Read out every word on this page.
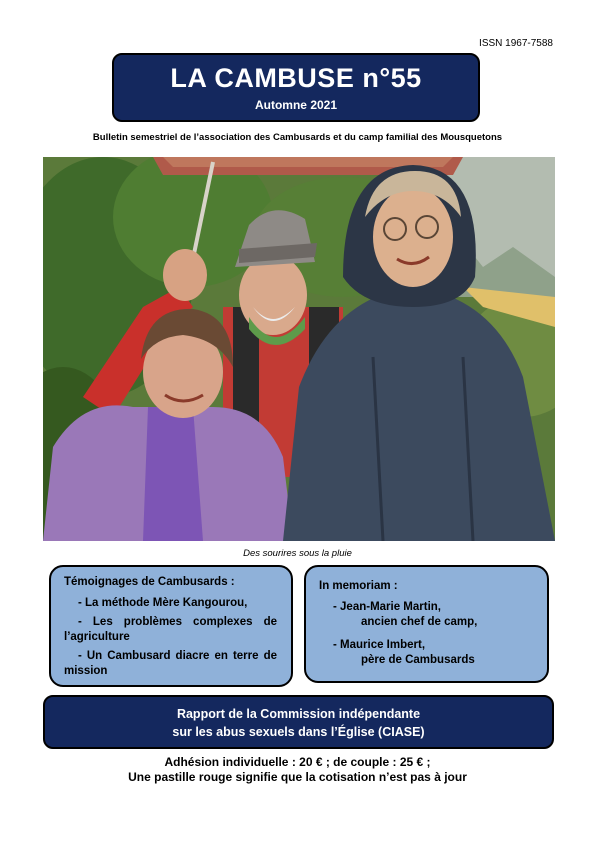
ISSN 1967-7588
LA CAMBUSE n°55
Automne 2021
Bulletin semestriel de l’association des Cambusards et du camp familial des Mousquetons
Des sourires sous la pluie
Témoignages de Cambusards :
- La méthode Mère Kangourou,
- Les problèmes complexes de l’agriculture
- Un Cambusard diacre en terre de mission
In memoriam :
- Jean-Marie Martin,
ancien chef de camp,
- Maurice Imbert,
père de Cambusards
Rapport de la Commission indépendante
sur les abus sexuels dans l’Église (CIASE)
Adhésion individuelle : 20 € ; de couple : 25 € ;
Une pastille rouge signifie que la cotisation n’est pas à jour
